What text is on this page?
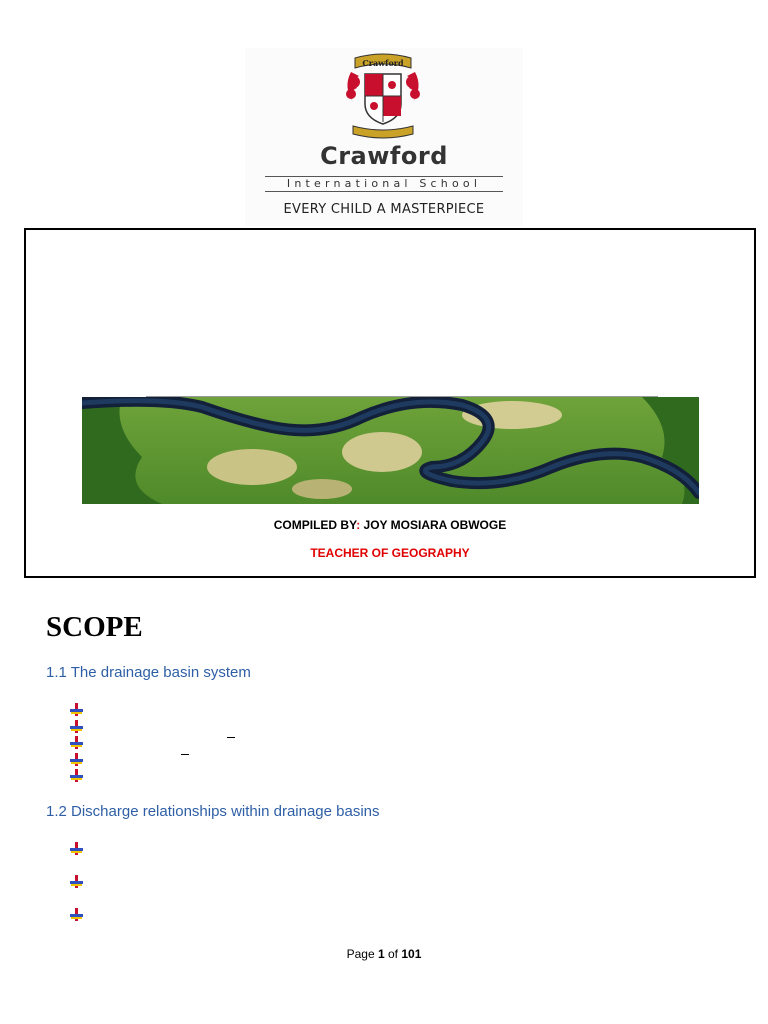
Crawford
Crawford
International School
EVERY CHILD A MASTERPIECE
COMPILED BY: JOY MOSIARA OBWOGE
TEACHER OF GEOGRAPHY
SCOPE
1.1 The drainage basin system
1.2 Discharge relationships within drainage basins
Page 1 of 101
